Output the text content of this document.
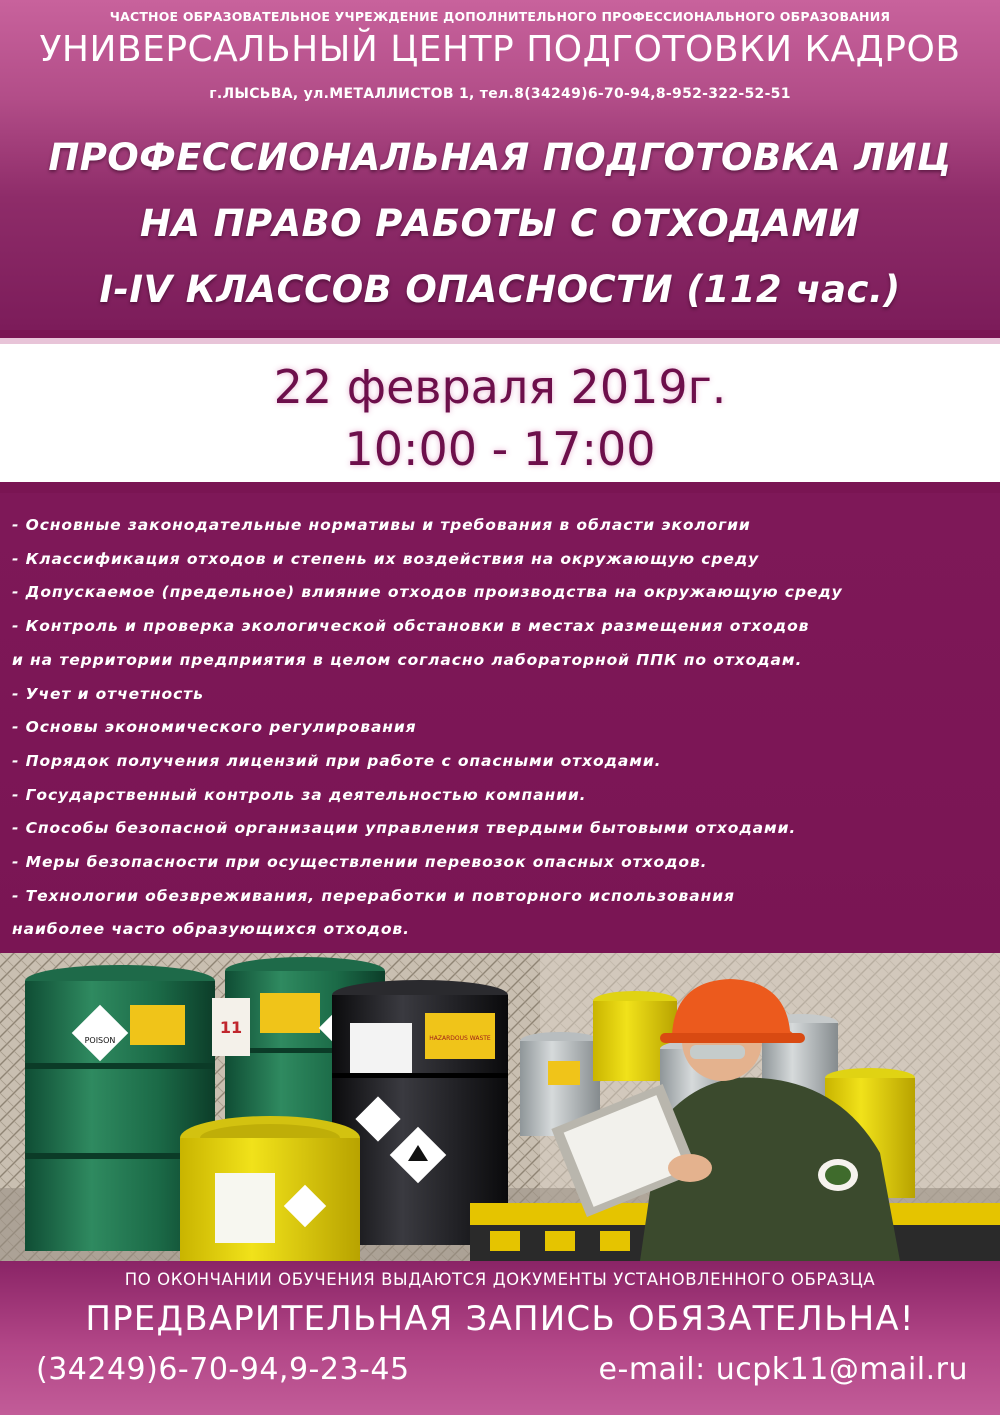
ЧАСТНОЕ ОБРАЗОВАТЕЛЬНОЕ УЧРЕЖДЕНИЕ ДОПОЛНИТЕЛЬНОГО ПРОФЕССИОНАЛЬНОГО ОБРАЗОВАНИЯ
УНИВЕРСАЛЬНЫЙ ЦЕНТР ПОДГОТОВКИ КАДРОВ
г.ЛЫСЬВА, ул.МЕТАЛЛИСТОВ 1, тел.8(34249)6-70-94,8-952-322-52-51
ПРОФЕССИОНАЛЬНАЯ ПОДГОТОВКА ЛИЦ
НА ПРАВО РАБОТЫ С ОТХОДАМИ
I-IV КЛАССОВ ОПАСНОСТИ (112 час.)
22 февраля 2019г.
10:00 - 17:00
- Основные законодательные нормативы и требования в области экологии
- Классификация отходов и степень их воздействия на окружающую среду
- Допускаемое (предельное) влияние отходов производства на окружающую среду
- Контроль и проверка экологической обстановки в местах размещения отходов
и на территории предприятия в целом согласно лабораторной ППК по отходам.
- Учет и отчетность
- Основы экономического регулирования
- Порядок получения лицензий при работе с опасными отходами.
- Государственный контроль за деятельностью компании.
- Способы безопасной организации управления твердыми бытовыми отходами.
- Меры безопасности при осуществлении перевозок опасных отходов.
- Технологии обезвреживания, переработки и повторного использования
наиболее часто образующихся отходов.
POISON
11
HAZARDOUS WASTE
ПО ОКОНЧАНИИ ОБУЧЕНИЯ ВЫДАЮТСЯ ДОКУМЕНТЫ УСТАНОВЛЕННОГО ОБРАЗЦА
ПРЕДВАРИТЕЛЬНАЯ ЗАПИСЬ ОБЯЗАТЕЛЬНА!
(34249)6-70-94,9-23-45	e-mail: ucpk11@mail.ru
